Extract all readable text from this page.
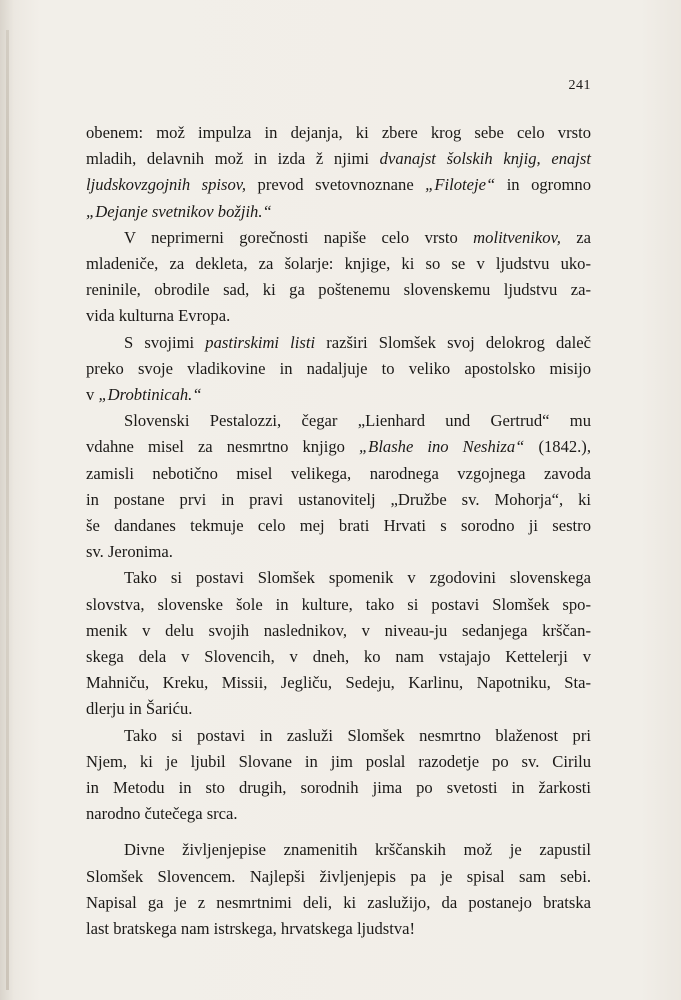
241
obenem: mož impulza in dejanja, ki zbere krog sebe celo vrsto
mladih, delavnih mož in izda ž njimi dvanajst šolskih knjig, enajst
ljudskovzgojnih spisov, prevod svetovnoznane „Filoteje“ in ogromno
„Dejanje svetnikov božjih.“
V neprimerni gorečnosti napiše celo vrsto molitvenikov, za
mladeniče, za dekleta, za šolarje: knjige, ki so se v ljudstvu uko-
reninile, obrodile sad, ki ga poštenemu slovenskemu ljudstvu za-
vida kulturna Evropa.
S svojimi pastirskimi listi razširi Slomšek svoj delokrog daleč
preko svoje vladikovine in nadaljuje to veliko apostolsko misijo
v „Drobtinicah.“
Slovenski Pestalozzi, čegar „Lienhard und Gertrud“ mu
vdahne misel za nesmrtno knjigo „Blashe ino Neshiza“ (1842.),
zamisli nebotično misel velikega, narodnega vzgojnega zavoda
in postane prvi in pravi ustanovitelj „Družbe sv. Mohorja“, ki
še dandanes tekmuje celo mej brati Hrvati s sorodno ji sestro
sv. Jeronima.
Tako si postavi Slomšek spomenik v zgodovini slovenskega
slovstva, slovenske šole in kulture, tako si postavi Slomšek spo-
menik v delu svojih naslednikov, v niveau-ju sedanjega krščan-
skega dela v Slovencih, v dneh, ko nam vstajajo Kettelerji v
Mahniču, Kreku, Missii, Jegliču, Sedeju, Karlinu, Napotniku, Sta-
dlerju in Šariću.
Tako si postavi in zasluži Slomšek nesmrtno blaženost pri
Njem, ki je ljubil Slovane in jim poslal razodetje po sv. Cirilu
in Metodu in sto drugih, sorodnih jima po svetosti in žarkosti
narodno čutečega srca.
Divne življenjepise znamenitih krščanskih mož je zapustil
Slomšek Slovencem. Najlepši življenjepis pa je spisal sam sebi.
Napisal ga je z nesmrtnimi deli, ki zaslužijo, da postanejo bratska
last bratskega nam istrskega, hrvatskega ljudstva!
